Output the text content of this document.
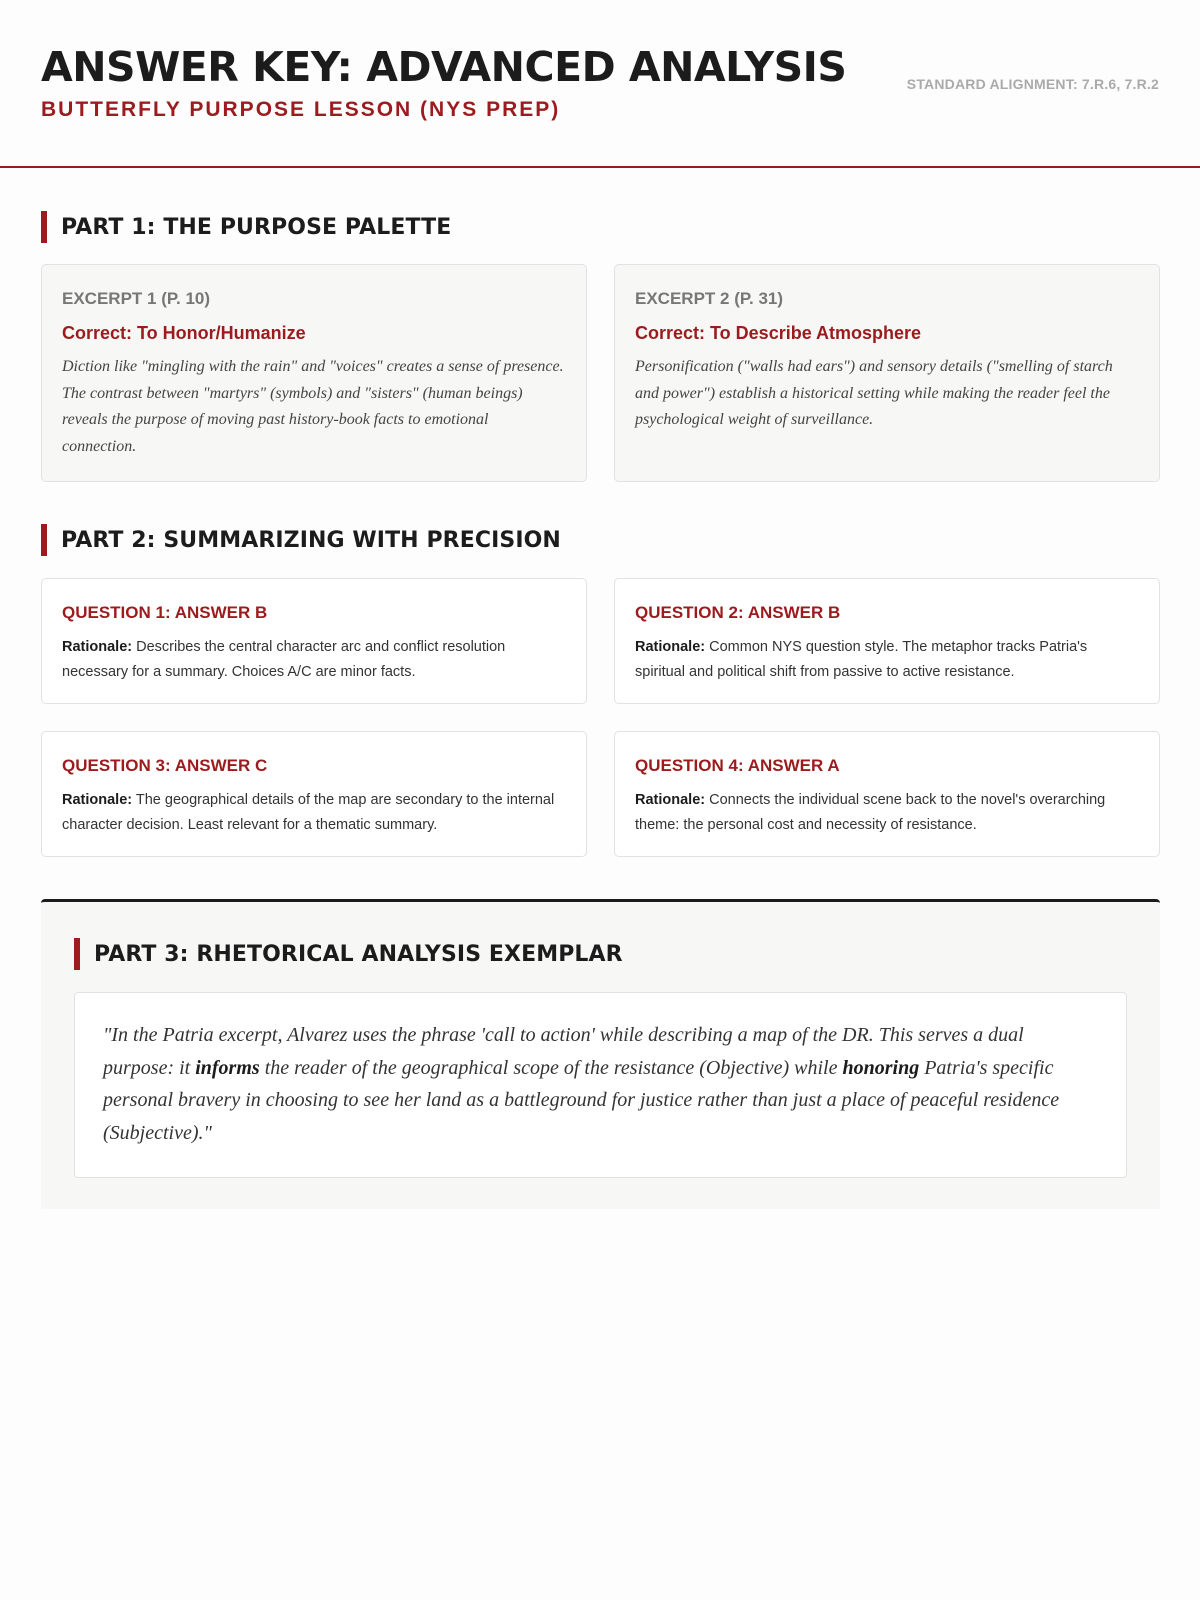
ANSWER KEY: ADVANCED ANALYSIS
BUTTERFLY PURPOSE LESSON (NYS PREP)
STANDARD ALIGNMENT: 7.R.6, 7.R.2
PART 1: THE PURPOSE PALETTE
EXCERPT 1 (P. 10)
Correct: To Honor/Humanize
Diction like "mingling with the rain" and "voices" creates a sense of presence. The contrast between "martyrs" (symbols) and "sisters" (human beings) reveals the purpose of moving past history-book facts to emotional connection.
EXCERPT 2 (P. 31)
Correct: To Describe Atmosphere
Personification ("walls had ears") and sensory details ("smelling of starch and power") establish a historical setting while making the reader feel the psychological weight of surveillance.
PART 2: SUMMARIZING WITH PRECISION
QUESTION 1: ANSWER B
Rationale: Describes the central character arc and conflict resolution necessary for a summary. Choices A/C are minor facts.
QUESTION 2: ANSWER B
Rationale: Common NYS question style. The metaphor tracks Patria's spiritual and political shift from passive to active resistance.
QUESTION 3: ANSWER C
Rationale: The geographical details of the map are secondary to the internal character decision. Least relevant for a thematic summary.
QUESTION 4: ANSWER A
Rationale: Connects the individual scene back to the novel's overarching theme: the personal cost and necessity of resistance.
PART 3: RHETORICAL ANALYSIS EXEMPLAR
"In the Patria excerpt, Alvarez uses the phrase 'call to action' while describing a map of the DR. This serves a dual purpose: it informs the reader of the geographical scope of the resistance (Objective) while honoring Patria's specific personal bravery in choosing to see her land as a battleground for justice rather than just a place of peaceful residence (Subjective)."
